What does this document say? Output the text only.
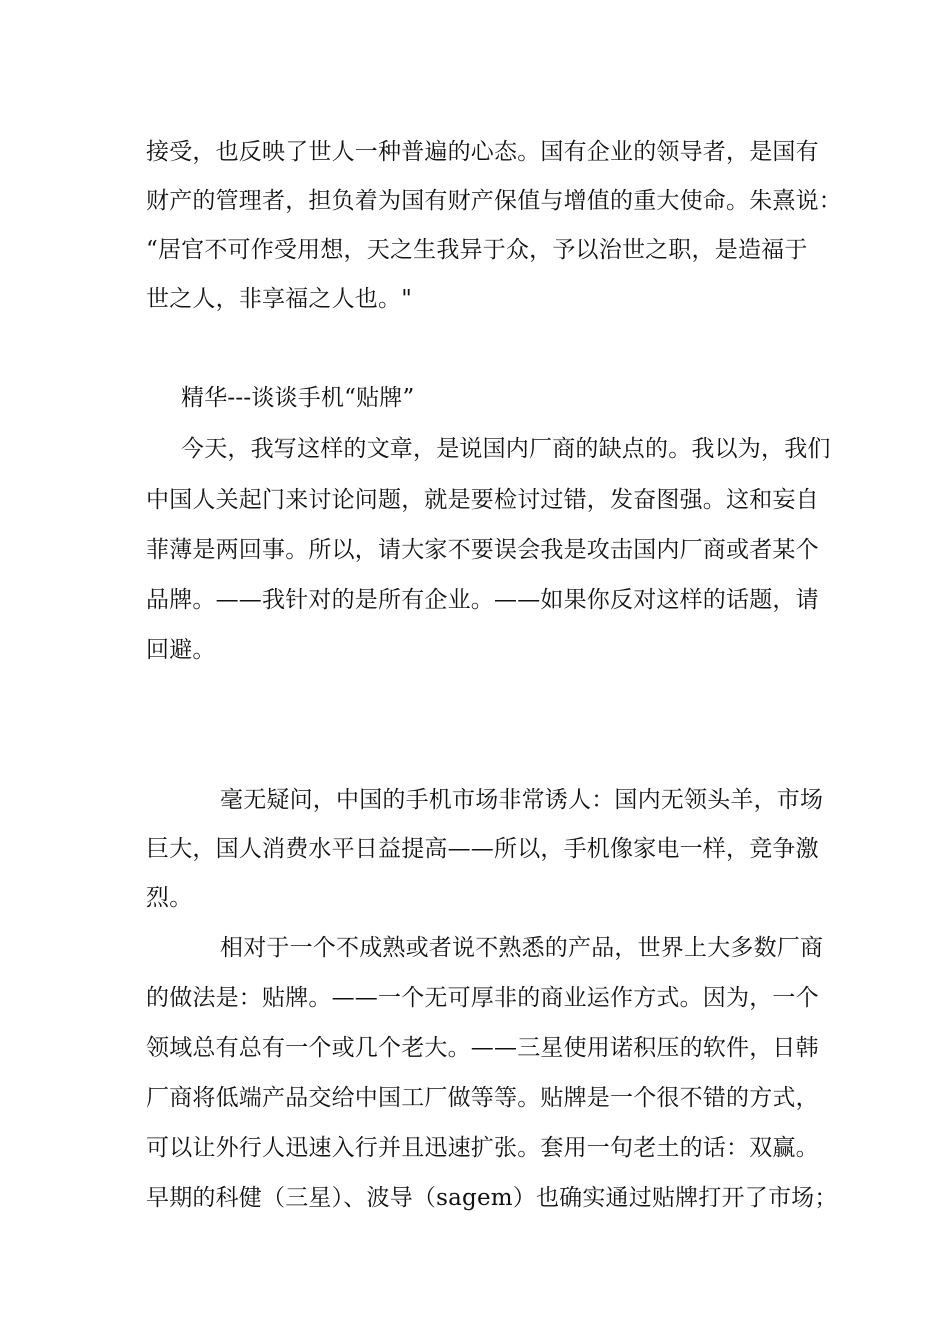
接受，也反映了世人一种普遍的心态。国有企业的领导者，是国有
财产的管理者，担负着为国有财产保值与增值的重大使命。朱熹说：
“居官不可作受用想，天之生我异于众，予以治世之职，是造福于
世之人，非享福之人也。"
精华---谈谈手机“贴牌”
今天，我写这样的文章，是说国内厂商的缺点的。我以为，我们
中国人关起门来讨论问题，就是要检讨过错，发奋图强。这和妄自
菲薄是两回事。所以，请大家不要误会我是攻击国内厂商或者某个
品牌。——我针对的是所有企业。——如果你反对这样的话题，请
回避。
毫无疑问，中国的手机市场非常诱人：国内无领头羊，市场
巨大，国人消费水平日益提高——所以，手机像家电一样，竞争激
烈。
相对于一个不成熟或者说不熟悉的产品，世界上大多数厂商
的做法是：贴牌。——一个无可厚非的商业运作方式。因为，一个
领域总有总有一个或几个老大。——三星使用诺积压的软件，日韩
厂商将低端产品交给中国工厂做等等。贴牌是一个很不错的方式，
可以让外行人迅速入行并且迅速扩张。套用一句老土的话：双赢。
早期的科健（三星）、波导（sagem）也确实通过贴牌打开了市场；
